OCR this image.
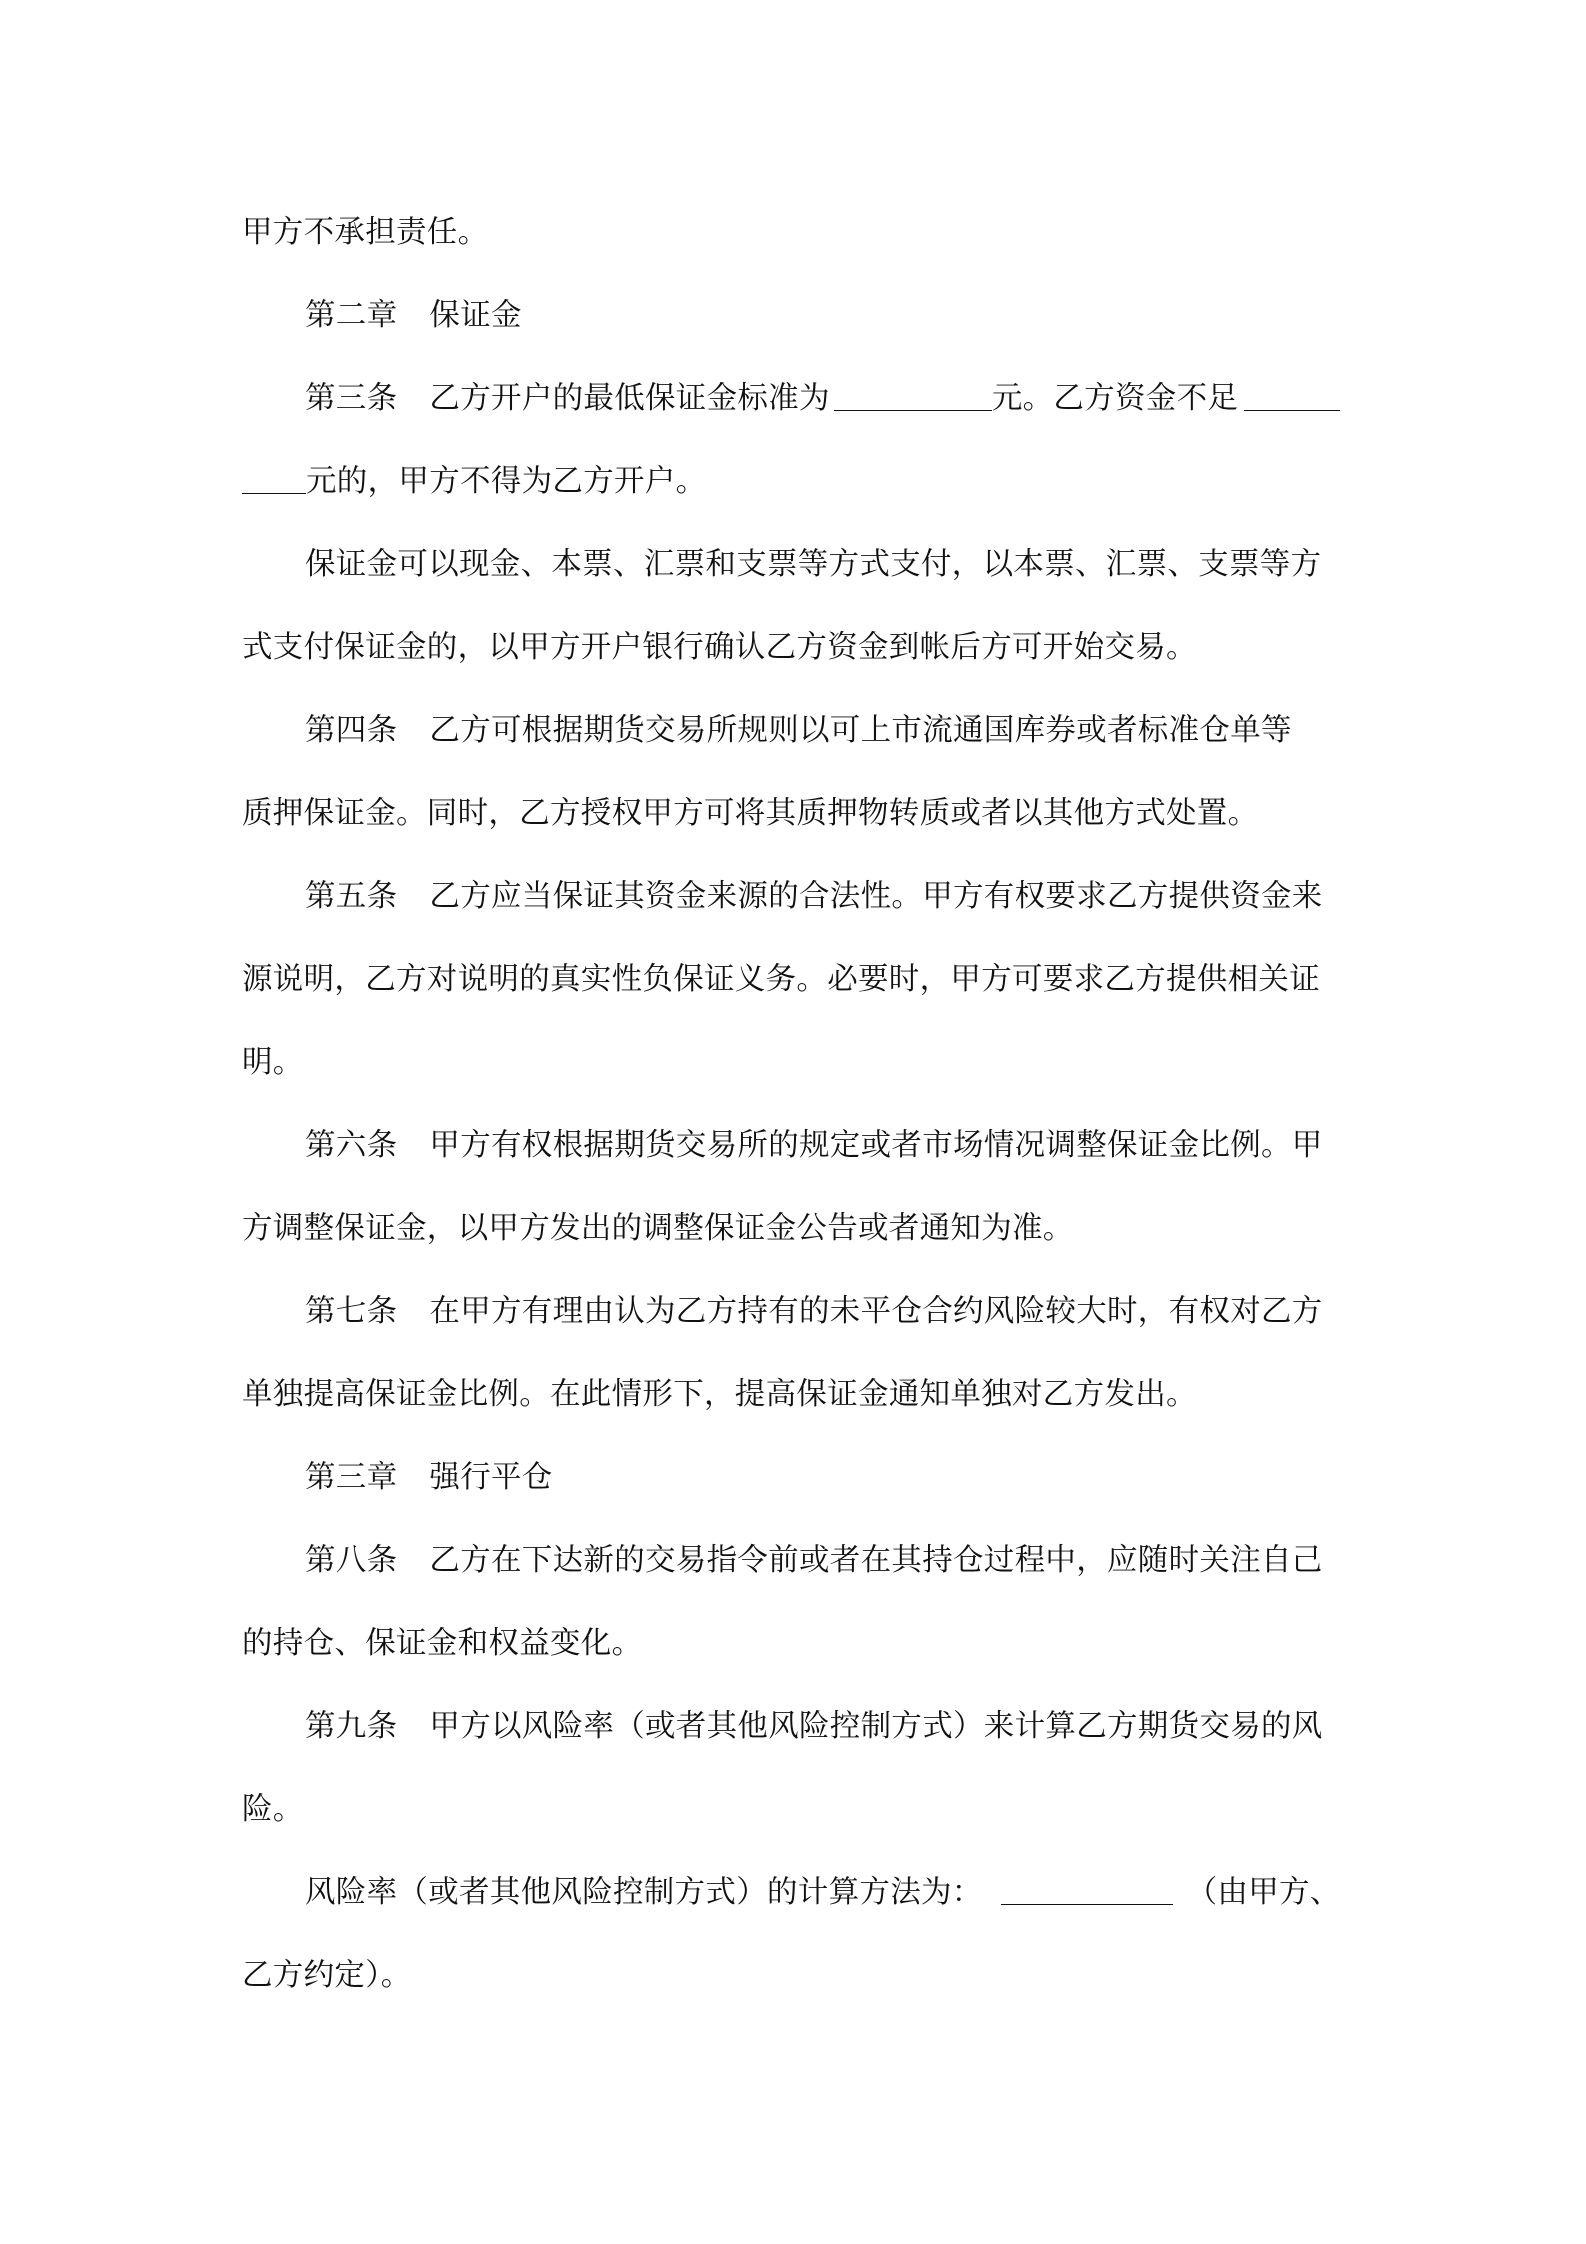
甲方不承担责任。
第二章 保证金
第三条 乙方开户的最低保证金标准为	元。乙方资金不足
元的，甲方不得为乙方开户。
保证金可以现金、本票、汇票和支票等方式支付，以本票、汇票、支票等方
式支付保证金的，以甲方开户银行确认乙方资金到帐后方可开始交易。
第四条 乙方可根据期货交易所规则以可上市流通国库券或者标准仓单等
质押保证金。同时，乙方授权甲方可将其质押物转质或者以其他方式处置。
第五条 乙方应当保证其资金来源的合法性。甲方有权要求乙方提供资金来
源说明，乙方对说明的真实性负保证义务。必要时，甲方可要求乙方提供相关证
明。
第六条 甲方有权根据期货交易所的规定或者市场情况调整保证金比例。甲
方调整保证金，以甲方发出的调整保证金公告或者通知为准。
第七条 在甲方有理由认为乙方持有的未平仓合约风险较大时，有权对乙方
单独提高保证金比例。在此情形下，提高保证金通知单独对乙方发出。
第三章 强行平仓
第八条 乙方在下达新的交易指令前或者在其持仓过程中，应随时关注自己
的持仓、保证金和权益变化。
第九条 甲方以风险率（或者其他风险控制方式）来计算乙方期货交易的风
险。
风险率（或者其他风险控制方式）的计算方法为：	（由甲方、
乙方约定）。
